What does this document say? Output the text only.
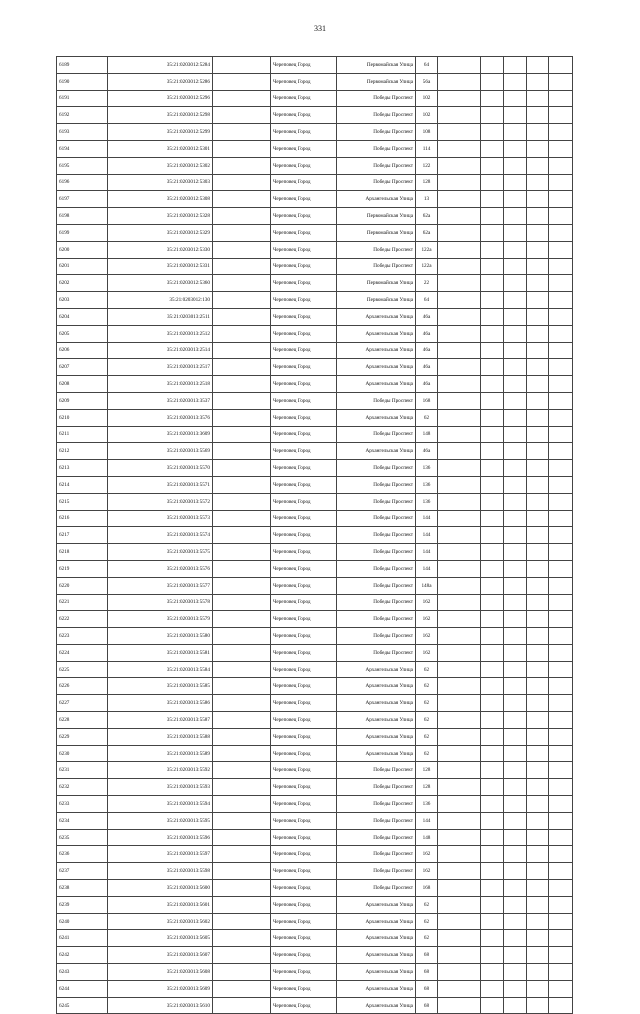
331
6189	35:21:0203012:5284		Череповец Город	Первомайская Улица	64					
6190	35:21:0203012:5286		Череповец Город	Первомайская Улица	56а					
6191	35:21:0203012:5296		Череповец Город	Победы Проспект	102					
6192	35:21:0203012:5298		Череповец Город	Победы Проспект	102					
6193	35:21:0203012:5299		Череповец Город	Победы Проспект	108					
6194	35:21:0203012:5301		Череповец Город	Победы Проспект	114					
6195	35:21:0203012:5302		Череповец Город	Победы Проспект	122					
6196	35:21:0203012:5303		Череповец Город	Победы Проспект	128					
6197	35:21:0203012:5308		Череповец Город	Архангельская Улица	13					
6198	35:21:0203012:5328		Череповец Город	Первомайская Улица	62а					
6199	35:21:0203012:5329		Череповец Город	Первомайская Улица	62а					
6200	35:21:0203012:5330		Череповец Город	Победы Проспект	122а					
6201	35:21:0203012:5331		Череповец Город	Победы Проспект	122а					
6202	35:21:0203012:5360		Череповец Город	Первомайская Улица	22					
6203	35:21:0203012:130		Череповец Город	Первомайская Улица	64					
6204	35:21:0203013:2511		Череповец Город	Архангельская Улица	46а					
6205	35:21:0203013:2512		Череповец Город	Архангельская Улица	46а					
6206	35:21:0203013:2514		Череповец Город	Архангельская Улица	46а					
6207	35:21:0203013:2517		Череповец Город	Архангельская Улица	46а					
6208	35:21:0203013:2518		Череповец Город	Архангельская Улица	46а					
6209	35:21:0203013:3537		Череповец Город	Победы Проспект	168					
6210	35:21:0203013:3576		Череповец Город	Архангельская Улица	62					
6211	35:21:0203013:3609		Череповец Город	Победы Проспект	148					
6212	35:21:0203013:5569		Череповец Город	Архангельская Улица	46а					
6213	35:21:0203013:5570		Череповец Город	Победы Проспект	136					
6214	35:21:0203013:5571		Череповец Город	Победы Проспект	136					
6215	35:21:0203013:5572		Череповец Город	Победы Проспект	136					
6216	35:21:0203013:5573		Череповец Город	Победы Проспект	144					
6217	35:21:0203013:5574		Череповец Город	Победы Проспект	144					
6218	35:21:0203013:5575		Череповец Город	Победы Проспект	144					
6219	35:21:0203013:5576		Череповец Город	Победы Проспект	144					
6220	35:21:0203013:5577		Череповец Город	Победы Проспект	148а					
6221	35:21:0203013:5578		Череповец Город	Победы Проспект	162					
6222	35:21:0203013:5579		Череповец Город	Победы Проспект	162					
6223	35:21:0203013:5580		Череповец Город	Победы Проспект	162					
6224	35:21:0203013:5581		Череповец Город	Победы Проспект	162					
6225	35:21:0203013:5584		Череповец Город	Архангельская Улица	62					
6226	35:21:0203013:5585		Череповец Город	Архангельская Улица	62					
6227	35:21:0203013:5586		Череповец Город	Архангельская Улица	62					
6228	35:21:0203013:5587		Череповец Город	Архангельская Улица	62					
6229	35:21:0203013:5588		Череповец Город	Архангельская Улица	62					
6230	35:21:0203013:5589		Череповец Город	Архангельская Улица	62					
6231	35:21:0203013:5592		Череповец Город	Победы Проспект	128					
6232	35:21:0203013:5593		Череповец Город	Победы Проспект	128					
6233	35:21:0203013:5594		Череповец Город	Победы Проспект	136					
6234	35:21:0203013:5595		Череповец Город	Победы Проспект	144					
6235	35:21:0203013:5596		Череповец Город	Победы Проспект	148					
6236	35:21:0203013:5597		Череповец Город	Победы Проспект	162					
6237	35:21:0203013:5598		Череповец Город	Победы Проспект	162					
6238	35:21:0203013:5600		Череповец Город	Победы Проспект	168					
6239	35:21:0203013:5601		Череповец Город	Архангельская Улица	62					
6240	35:21:0203013:5602		Череповец Город	Архангельская Улица	62					
6241	35:21:0203013:5605		Череповец Город	Архангельская Улица	62					
6242	35:21:0203013:5607		Череповец Город	Архангельская Улица	68					
6243	35:21:0203013:5608		Череповец Город	Архангельская Улица	68					
6244	35:21:0203013:5609		Череповец Город	Архангельская Улица	68					
6245	35:21:0203013:5610		Череповец Город	Архангельская Улица	68					
